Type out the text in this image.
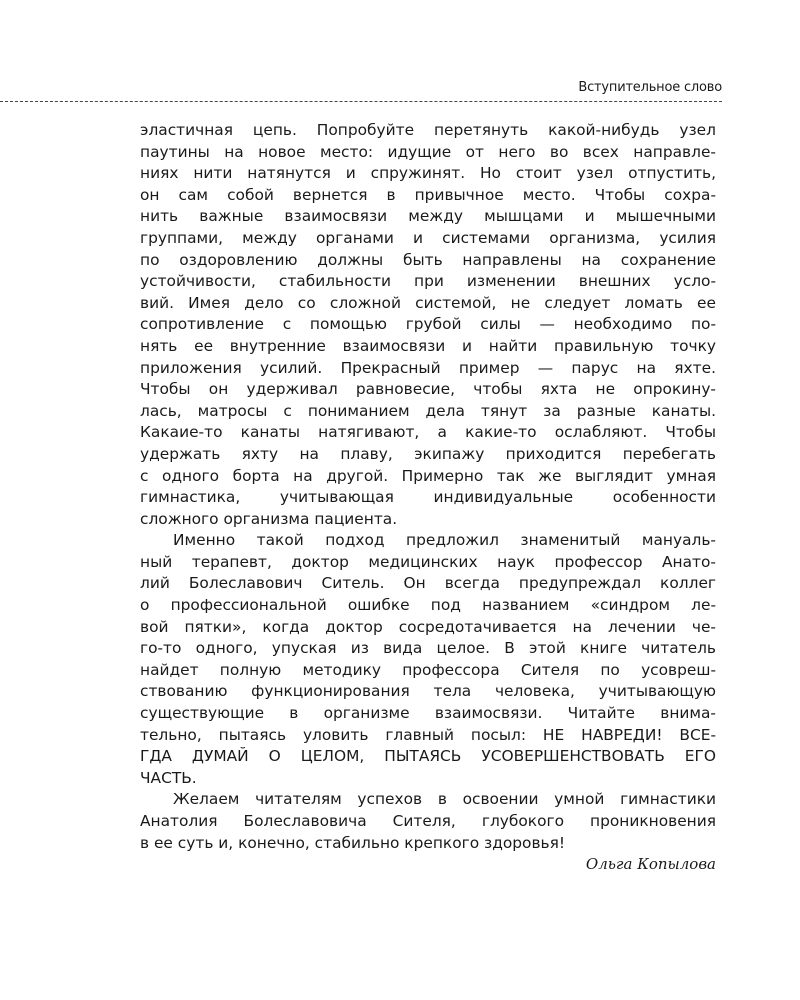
Вступительное слово

эластичная цепь. Попробуйте перетянуть какой-нибудь узел
паутины на новое место: идущие от него во всех направле-
ниях нити натянутся и спружинят. Но стоит узел отпустить,
он сам собой вернется в привычное место. Чтобы сохра-
нить важные взаимосвязи между мышцами и мышечными
группами, между органами и системами организма, усилия
по оздоровлению должны быть направлены на сохранение
устойчивости, стабильности при изменении внешних усло-
вий. Имея дело со сложной системой, не следует ломать ее
сопротивление с помощью грубой силы — необходимо по-
нять ее внутренние взаимосвязи и найти правильную точку
приложения усилий. Прекрасный пример — парус на яхте.
Чтобы он удерживал равновесие, чтобы яхта не опрокину-
лась, матросы с пониманием дела тянут за разные канаты.
Какаие-то канаты натягивают, а какие-то ослабляют. Чтобы
удержать яхту на плаву, экипажу приходится перебегать
с одного борта на другой. Примерно так же выглядит умная
гимнастика, учитывающая индивидуальные особенности
сложного организма пациента.

Именно такой подход предложил знаменитый мануаль-
ный терапевт, доктор медицинских наук профессор Анато-
лий Болеславович Ситель. Он всегда предупреждал коллег
о профессиональной ошибке под названием «синдром ле-
вой пятки», когда доктор сосредотачивается на лечении че-
го-то одного, упуская из вида целое. В этой книге читатель
найдет полную методику профессора Сителя по усовреш-
ствованию функционирования тела человека, учитывающую
существующие в организме взаимосвязи. Читайте внима-
тельно, пытаясь уловить главный посыл: НЕ НАВРЕДИ! ВСЕ-
ГДА ДУМАЙ О ЦЕЛОМ, ПЫТАЯСЬ УСОВЕРШЕНСТВОВАТЬ ЕГО
ЧАСТЬ.

Желаем читателям успехов в освоении умной гимнастики
Анатолия Болеславовича Сителя, глубокого проникновения
в ее суть и, конечно, стабильно крепкого здоровья!

Ольга Копылова
